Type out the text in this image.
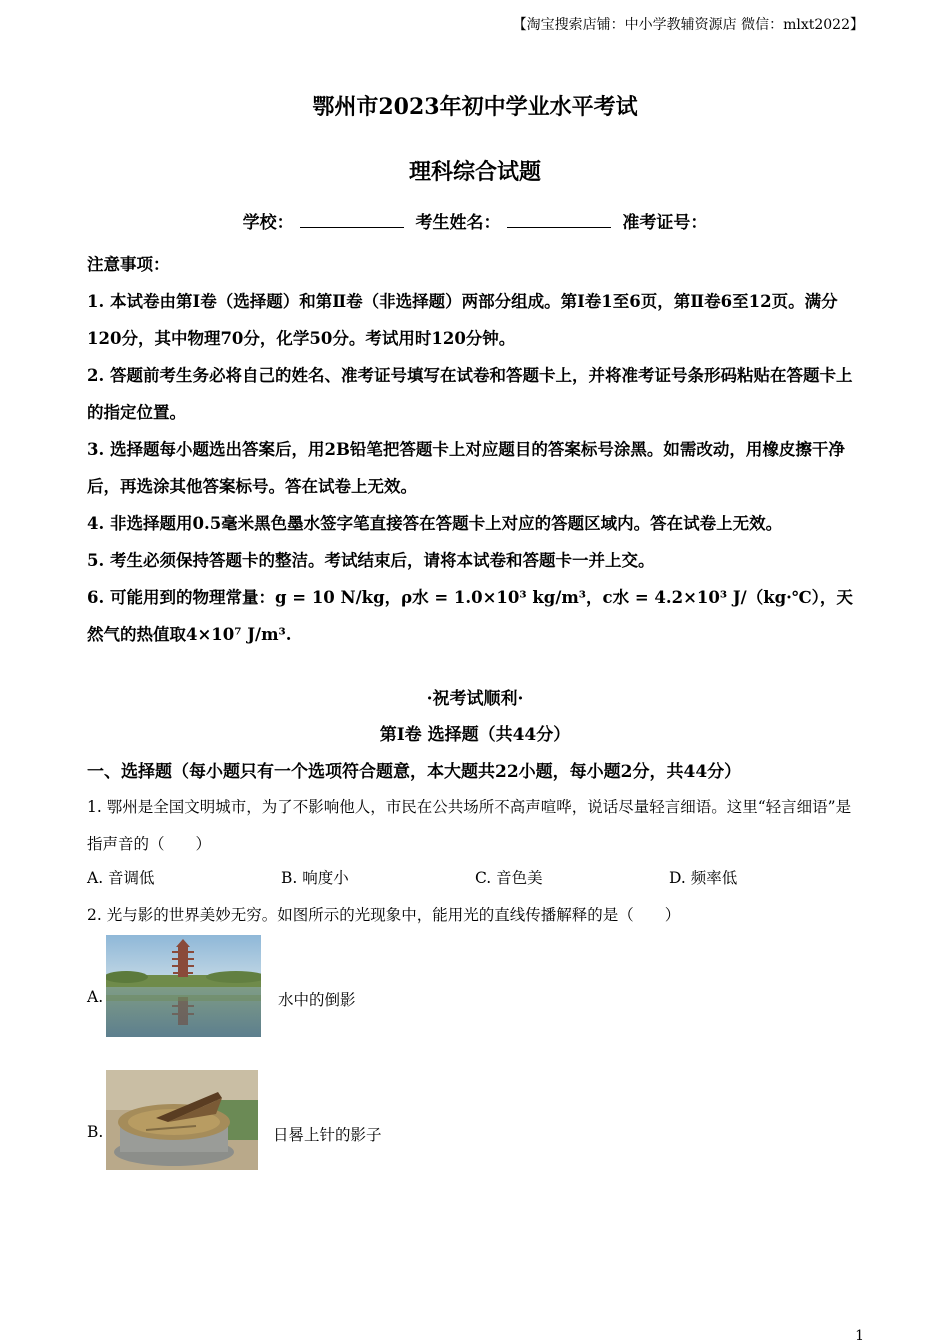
【淘宝搜索店铺：中小学教辅资源店 微信：mlxt2022】
鄂州市2023年初中学业水平考试
理科综合试题
学校：	考生姓名：	准考证号：

注意事项：

1. 本试卷由第Ⅰ卷（选择题）和第Ⅱ卷（非选择题）两部分组成。第Ⅰ卷1至6页，第Ⅱ卷6至12页。满分120分，其中物理70分，化学50分。考试用时120分钟。

2. 答题前考生务必将自己的姓名、准考证号填写在试卷和答题卡上，并将准考证号条形码粘贴在答题卡上的指定位置。

3. 选择题每小题选出答案后，用2B铅笔把答题卡上对应题目的答案标号涂黑。如需改动，用橡皮擦干净后，再选涂其他答案标号。答在试卷上无效。

4. 非选择题用0.5毫米黑色墨水签字笔直接答在答题卡上对应的答题区域内。答在试卷上无效。

5. 考生必须保持答题卡的整洁。考试结束后，请将本试卷和答题卡一并上交。

6. 可能用到的物理常量：g = 10 N/kg，ρ水 = 1.0×10³ kg/m³，c水 = 4.2×10³ J/（kg·℃），天然气的热值取4×10⁷ J/m³.

·祝考试顺利·
第Ⅰ卷 选择题（共44分）
一、选择题（每小题只有一个选项符合题意，本大题共22小题，每小题2分，共44分）
1. 鄂州是全国文明城市，为了不影响他人，市民在公共场所不高声喧哗，说话尽量轻言细语。这里“轻言细语”是指声音的（　　）
A. 音调低	B. 响度小	C. 音色美	D. 频率低
2. 光与影的世界美妙无穷。如图所示的光现象中，能用光的直线传播解释的是（　　）
A.	水中的倒影
B.	日晷上针的影子
1
